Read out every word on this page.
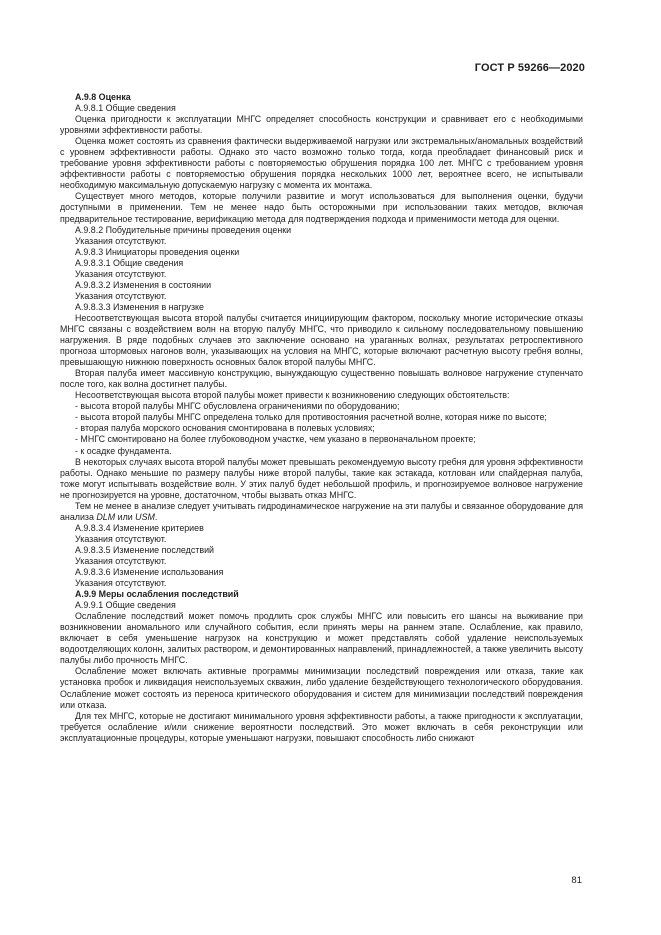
ГОСТ Р 59266—2020

А.9.8 Оценка

А.9.8.1 Общие сведения

Оценка пригодности к эксплуатации МНГС определяет способность конструкции и сравнивает его с необходимыми уровнями эффективности работы.

Оценка может состоять из сравнения фактически выдерживаемой нагрузки или экстремальных/аномальных воздействий с уровнем эффективности работы. Однако это часто возможно только тогда, когда преобладает финансовый риск и требование уровня эффективности работы с повторяемостью обрушения порядка 100 лет. МНГС с требованием уровня эффективности работы с повторяемостью обрушения порядка нескольких 1000 лет, вероятнее всего, не испытывали необходимую максимальную допускаемую нагрузку с момента их монтажа.

Существует много методов, которые получили развитие и могут использоваться для выполнения оценки, будучи доступными в применении. Тем не менее надо быть осторожными при использовании таких методов, включая предварительное тестирование, верификацию метода для подтверждения подхода и применимости метода для оценки.

А.9.8.2 Побудительные причины проведения оценки

Указания отсутствуют.

А.9.8.3 Инициаторы проведения оценки

А.9.8.3.1 Общие сведения

Указания отсутствуют.

А.9.8.3.2 Изменения в состоянии

Указания отсутствуют.

А.9.8.3.3 Изменения в нагрузке

Несоответствующая высота второй палубы считается инициирующим фактором, поскольку многие исторические отказы МНГС связаны с воздействием волн на вторую палубу МНГС, что приводило к сильному последовательному повышению нагружения. В ряде подобных случаев это заключение основано на ураганных волнах, результатах ретроспективного прогноза штормовых нагонов волн, указывающих на условия на МНГС, которые включают расчетную высоту гребня волны, превышающую нижнюю поверхность основных балок второй палубы МНГС.

Вторая палуба имеет массивную конструкцию, вынуждающую существенно повышать волновое нагружение ступенчато после того, как волна достигнет палубы.

Несоответствующая высота второй палубы может привести к возникновению следующих обстоятельств:

- высота второй палубы МНГС обусловлена ограничениями по оборудованию;

- высота второй палубы МНГС определена только для противостояния расчетной волне, которая ниже по высоте;

- вторая палуба морского основания смонтирована в полевых условиях;

- МНГС смонтировано на более глубоководном участке, чем указано в первоначальном проекте;

- к осадке фундамента.

В некоторых случаях высота второй палубы может превышать рекомендуемую высоту гребня для уровня эффективности работы. Однако меньшие по размеру палубы ниже второй палубы, такие как эстакада, котлован или спайдерная палуба, тоже могут испытывать воздействие волн. У этих палуб будет небольшой профиль, и прогнозируемое волновое нагружение не прогнозируется на уровне, достаточном, чтобы вызвать отказ МНГС.

Тем не менее в анализе следует учитывать гидродинамическое нагружение на эти палубы и связанное оборудование для анализа DLM или USM.

А.9.8.3.4 Изменение критериев

Указания отсутствуют.

А.9.8.3.5 Изменение последствий

Указания отсутствуют.

А.9.8.3.6 Изменение использования

Указания отсутствуют.

А.9.9 Меры ослабления последствий

А.9.9.1 Общие сведения

Ослабление последствий может помочь продлить срок службы МНГС или повысить его шансы на выживание при возникновении аномального или случайного события, если принять меры на раннем этапе. Ослабление, как правило, включает в себя уменьшение нагрузок на конструкцию и может представлять собой удаление неиспользуемых водоотделяющих колонн, залитых раствором, и демонтированных направлений, принадлежностей, а также увеличить высоту палубы либо прочность МНГС.

Ослабление может включать активные программы минимизации последствий повреждения или отказа, такие как установка пробок и ликвидация неиспользуемых скважин, либо удаление бездействующего технологического оборудования. Ослабление может состоять из переноса критического оборудования и систем для минимизации последствий повреждения или отказа.

Для тех МНГС, которые не достигают минимального уровня эффективности работы, а также пригодности к эксплуатации, требуется ослабление и/или снижение вероятности последствий. Это может включать в себя реконструкции или эксплуатационные процедуры, которые уменьшают нагрузки, повышают способность либо снижают

81
